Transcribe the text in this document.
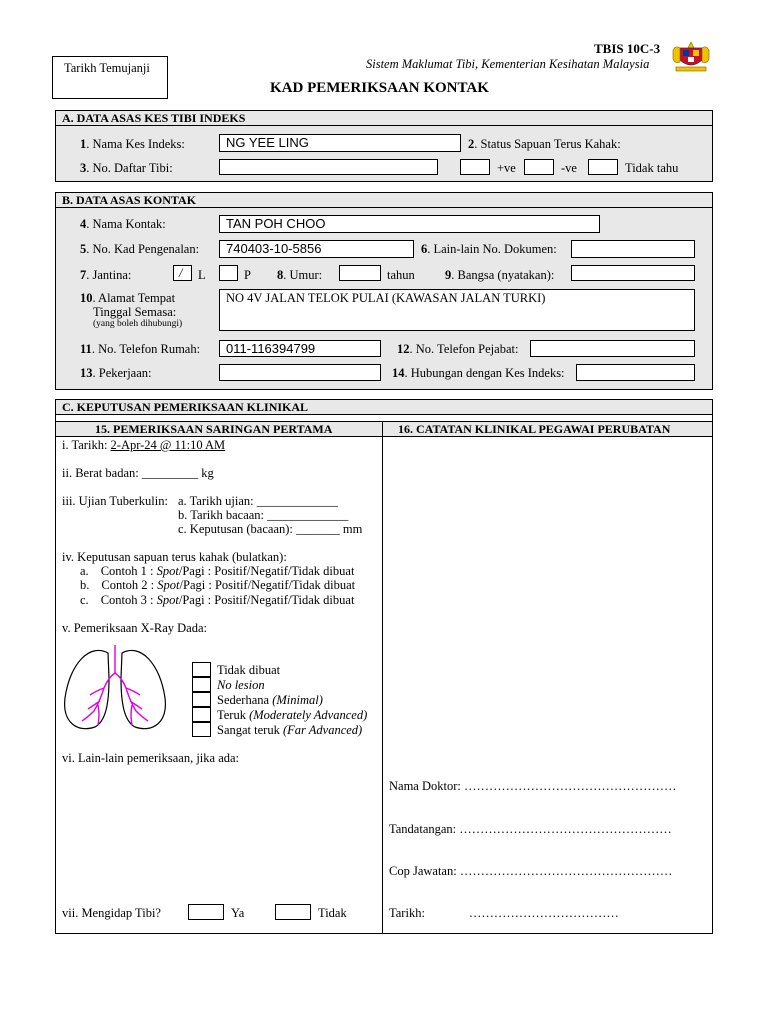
Tarikh Temujanji
TBIS 10C-3
Sistem Maklumat Tibi, Kementerian Kesihatan Malaysia
KAD PEMERIKSAAN KONTAK
A. DATA ASAS KES TIBI INDEKS
1. Nama Kes Indeks:	NG YEE LING	2. Status Sapuan Terus Kahak:
3. No. Daftar Tibi:	+ve	-ve	Tidak tahu
B. DATA ASAS KONTAK
4. Nama Kontak:	TAN POH CHOO
5. No. Kad Pengenalan:	740403-10-5856	6. Lain-lain No. Dokumen:
7. Jantina:	/ L	P 8. Umur:	tahun 9. Bangsa (nyatakan):
10. Alamat Tempat
Tinggal Semasa:
(yang boleh dihubungi)
NO 4V JALAN TELOK PULAI (KAWASAN JALAN TURKI)
11. No. Telefon Rumah:	011-116394799	12. No. Telefon Pejabat:
13. Pekerjaan:	14. Hubungan dengan Kes Indeks:
C. KEPUTUSAN PEMERIKSAAN KLINIKAL
15. PEMERIKSAAN SARINGAN PERTAMA	16. CATATAN KLINIKAL PEGAWAI PERUBATAN
i. Tarikh: 2-Apr-24 @ 11:10 AM
ii. Berat badan: _________ kg
iii. Ujian Tuberkulin: a. Tarikh ujian: _____________
b. Tarikh bacaan: _____________
c. Keputusan (bacaan): _______ mm
iv. Keputusan sapuan terus kahak (bulatkan):
a. Contoh 1 : Spot/Pagi : Positif/Negatif/Tidak dibuat
b. Contoh 2 : Spot/Pagi : Positif/Negatif/Tidak dibuat
c. Contoh 3 : Spot/Pagi : Positif/Negatif/Tidak dibuat
v. Pemeriksaan X-Ray Dada:
Tidak dibuat
No lesion
Sederhana (Minimal)
Teruk (Moderately Advanced)
Sangat teruk (Far Advanced)
vi. Lain-lain pemeriksaan, jika ada:
vii. Mengidap Tibi?	Ya	Tidak
Nama Doktor: ……………………………………………
Tandatangan: ……………………………………………
Cop Jawatan: ……………………………………………
Tarikh:	………………………………
